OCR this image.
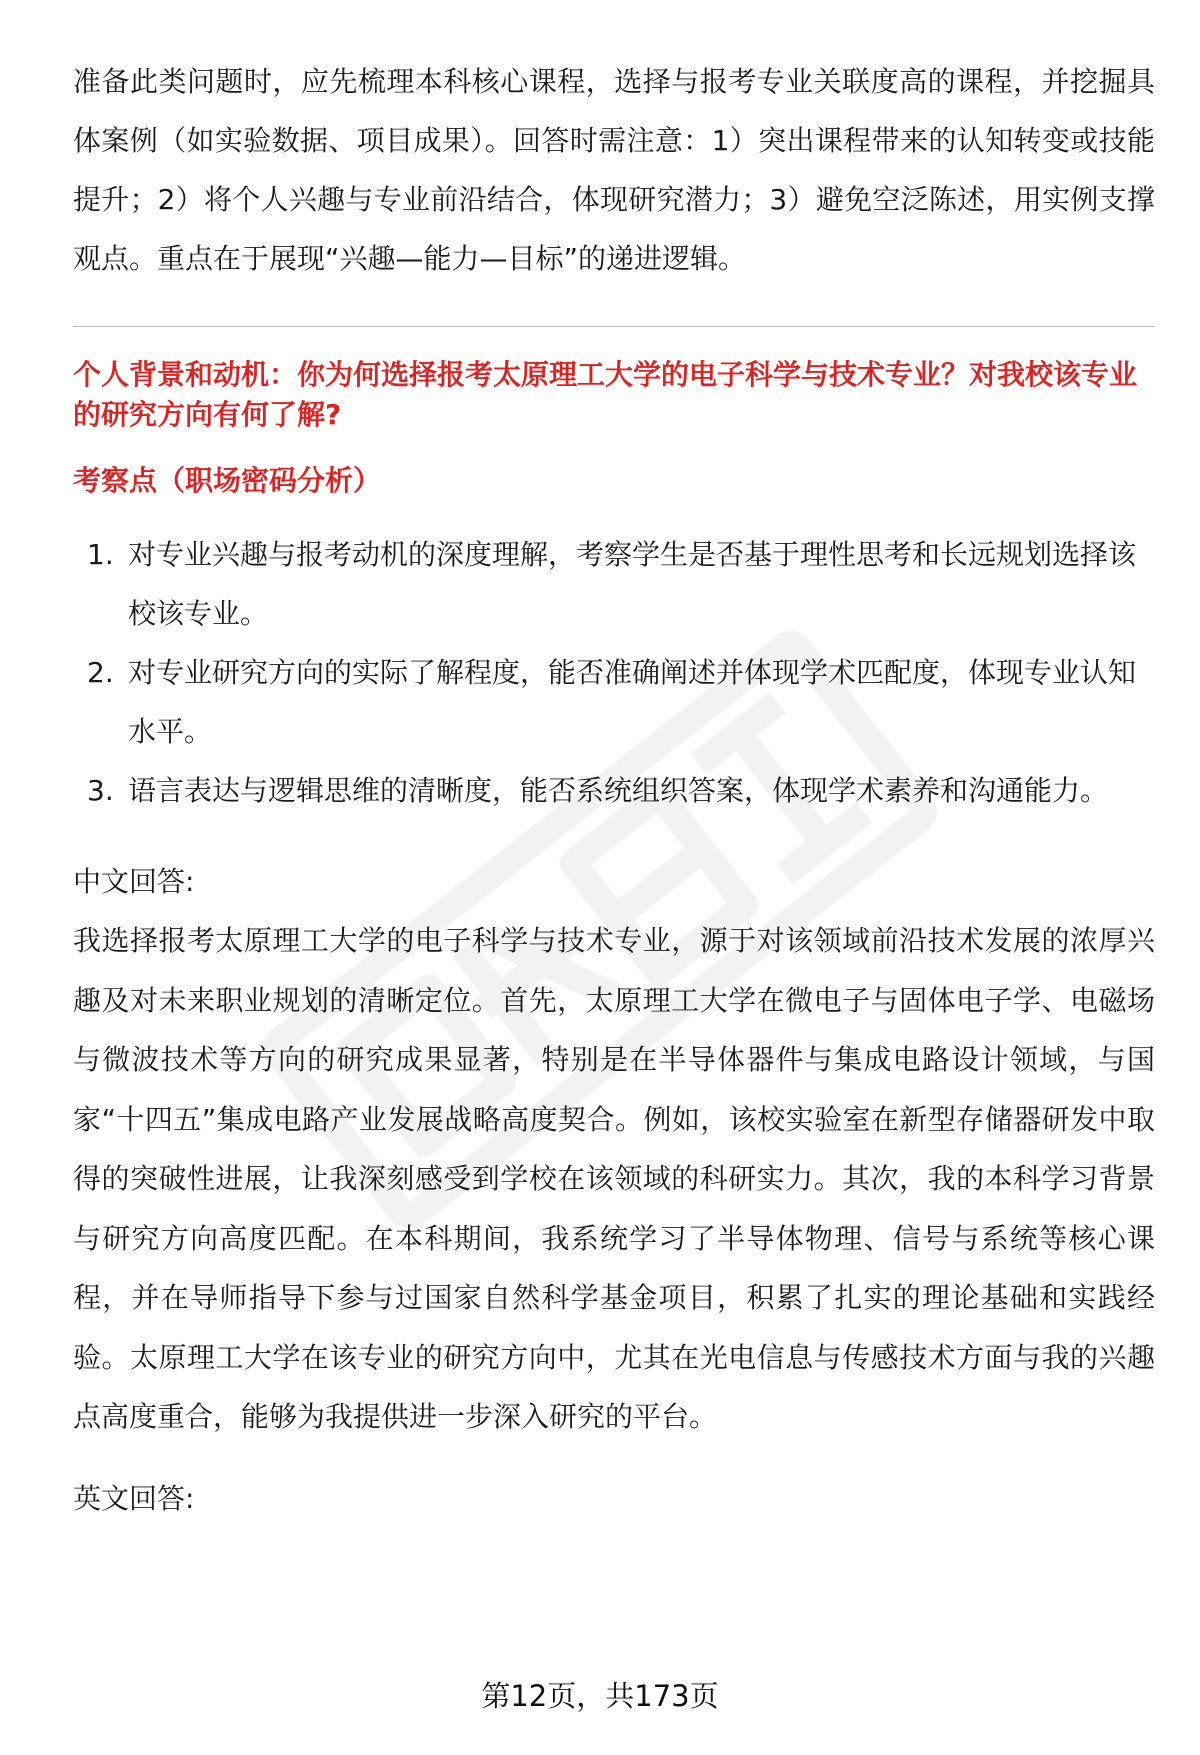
准备此类问题时，应先梳理本科核心课程，选择与报考专业关联度高的课程，并挖掘具体案例（如实验数据、项目成果）。回答时需注意：1）突出课程带来的认知转变或技能提升；2）将个人兴趣与专业前沿结合，体现研究潜力；3）避免空泛陈述，用实例支撑观点。重点在于展现“兴趣—能力—目标”的递进逻辑。

个人背景和动机：你为何选择报考太原理工大学的电子科学与技术专业？对我校该专业的研究方向有何了解?

考察点（职场密码分析）

1. 对专业兴趣与报考动机的深度理解，考察学生是否基于理性思考和长远规划选择该校该专业。
2. 对专业研究方向的实际了解程度，能否准确阐述并体现学术匹配度，体现专业认知水平。
3. 语言表达与逻辑思维的清晰度，能否系统组织答案，体现学术素养和沟通能力。

中文回答:

我选择报考太原理工大学的电子科学与技术专业，源于对该领域前沿技术发展的浓厚兴趣及对未来职业规划的清晰定位。首先，太原理工大学在微电子与固体电子学、电磁场与微波技术等方向的研究成果显著，特别是在半导体器件与集成电路设计领域，与国家“十四五”集成电路产业发展战略高度契合。例如，该校实验室在新型存储器研发中取得的突破性进展，让我深刻感受到学校在该领域的科研实力。其次，我的本科学习背景与研究方向高度匹配。在本科期间，我系统学习了半导体物理、信号与系统等核心课程，并在导师指导下参与过国家自然科学基金项目，积累了扎实的理论基础和实践经验。太原理工大学在该专业的研究方向中，尤其在光电信息与传感技术方面与我的兴趣点高度重合，能够为我提供进一步深入研究的平台。

英文回答:

第12页，共173页
